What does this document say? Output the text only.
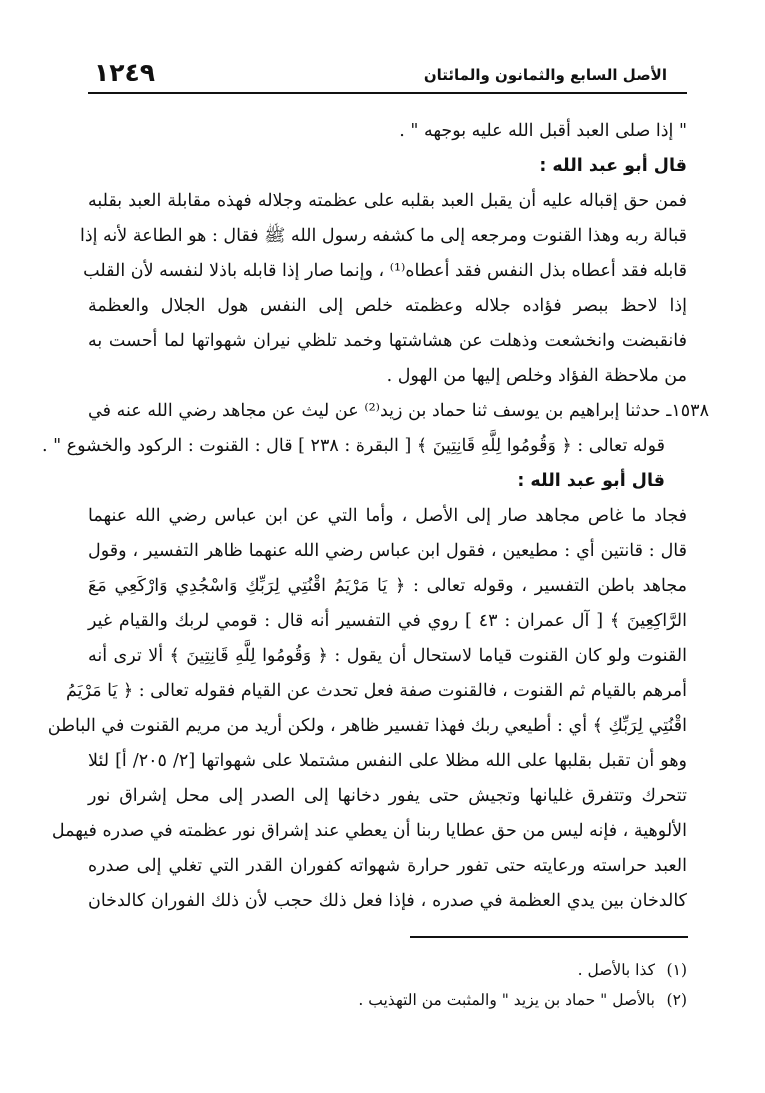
١٢٤٩	الأصل السابع والثمانون والمائتان
" إذا صلى العبد أقبل الله عليه بوجهه " .
قال أبو عبد الله :
فمن حق إقباله عليه أن يقبل العبد بقلبه على عظمته وجلاله فهذه مقابلة العبد بقلبه
قبالة ربه وهذا القنوت ومرجعه إلى ما كشفه رسول الله ﷺ فقال : هو الطاعة لأنه إذا
قابله فقد أعطاه بذل النفس فقد أعطاه⁽¹⁾ ، وإنما صار إذا قابله باذلا لنفسه لأن القلب
إذا لاحظ ببصر فؤاده جلاله وعظمته خلص إلى النفس هول الجلال والعظمة
فانقبضت وانخشعت وذهلت عن هشاشتها وخمد تلظي نيران شهواتها لما أحست به
من ملاحظة الفؤاد وخلص إليها من الهول .
١٥٣٨ـ حدثنا إبراهيم بن يوسف ثنا حماد بن زيد⁽²⁾ عن ليث عن مجاهد رضي الله عنه في
قوله تعالى : ﴿ وَقُومُوا لِلَّهِ قَانِتِينَ ﴾ [ البقرة : ٢٣٨ ] قال : القنوت : الركود والخشوع " .
قال أبو عبد الله :
فجاد ما غاص مجاهد صار إلى الأصل ، وأما التي عن ابن عباس رضي الله عنهما
قال : قانتين أي : مطيعين ، فقول ابن عباس رضي الله عنهما ظاهر التفسير ، وقول
مجاهد باطن التفسير ، وقوله تعالى : ﴿ يَا مَرْيَمُ اقْنُتِي لِرَبِّكِ وَاسْجُدِي وَارْكَعِي مَعَ
الرَّاكِعِينَ ﴾ [ آل عمران : ٤٣ ] روي في التفسير أنه قال : قومي لربك والقيام غير
القنوت ولو كان القنوت قياما لاستحال أن يقول : ﴿ وَقُومُوا لِلَّهِ قَانِتِينَ ﴾ ألا ترى أنه
أمرهم بالقيام ثم القنوت ، فالقنوت صفة فعل تحدث عن القيام فقوله تعالى : ﴿ يَا مَرْيَمُ
اقْنُتِي لِرَبِّكِ ﴾ أي : أطيعي ربك فهذا تفسير ظاهر ، ولكن أريد من مريم القنوت في الباطن
وهو أن تقبل بقلبها على الله مظلا على النفس مشتملا على شهواتها [٢/ ٢٠٥/ أ] لئلا
تتحرك وتتفرق غليانها وتجيش حتى يفور دخانها إلى الصدر إلى محل إشراق نور
الألوهية ، فإنه ليس من حق عطايا ربنا أن يعطي عند إشراق نور عظمته في صدره فيهمل
العبد حراسته ورعايته حتى تفور حرارة شهواته كفوران القدر التي تغلي إلى صدره
كالدخان بين يدي العظمة في صدره ، فإذا فعل ذلك حجب لأن ذلك الفوران كالدخان
(١)كذا بالأصل .
(٢)بالأصل " حماد بن يزيد " والمثبت من التهذيب .
